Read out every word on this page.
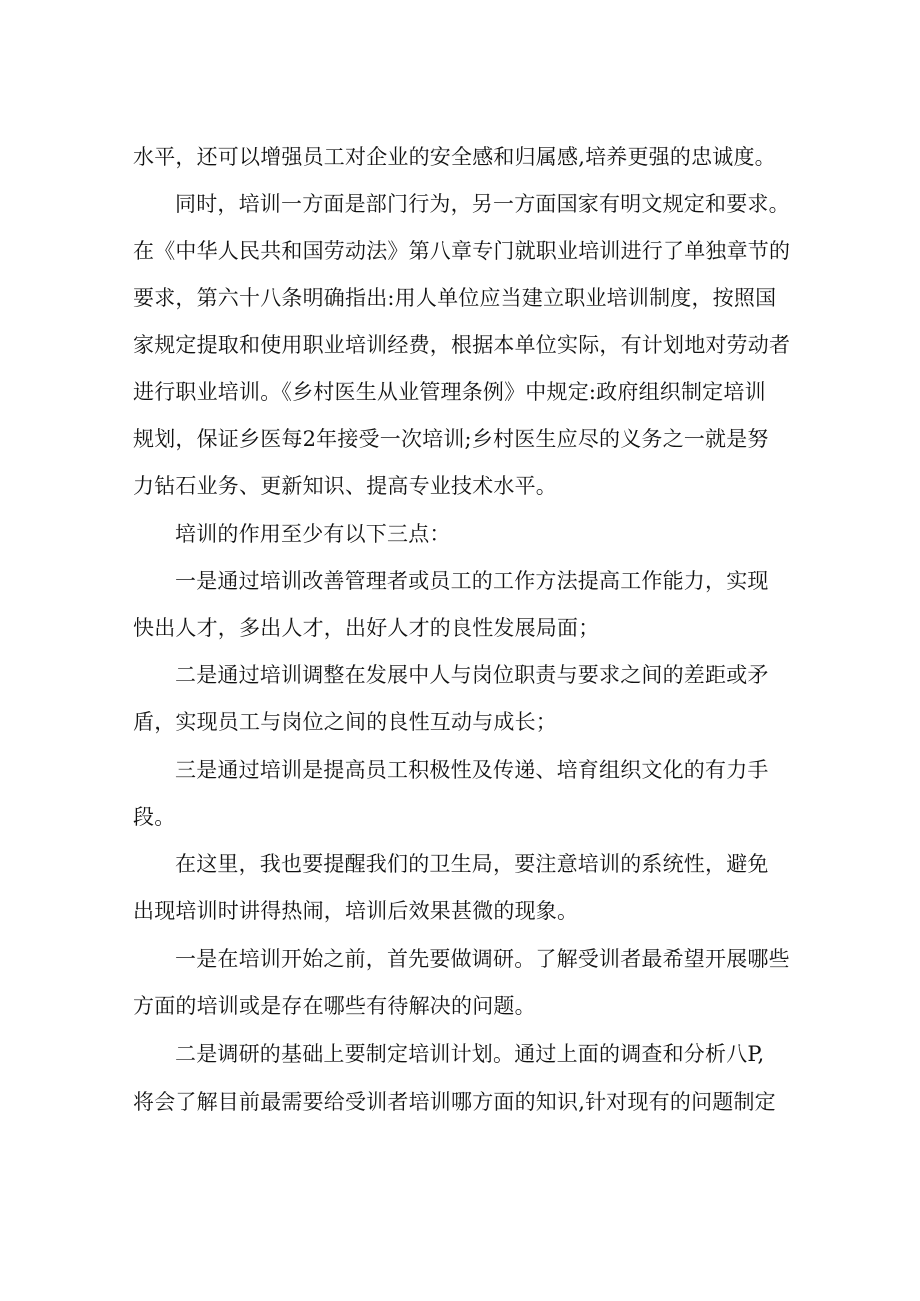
水平，还可以增强员工对企业的安全感和归属感,培养更强的忠诚度。
同时，培训一方面是部门行为，另一方面国家有明文规定和要求。
在《中华人民共和国劳动法》第八章专门就职业培训进行了单独章节的
要求，第六十八条明确指出:用人单位应当建立职业培训制度，按照国
家规定提取和使用职业培训经费，根据本单位实际，有计划地对劳动者
进行职业培训。《乡村医生从业管理条例》中规定:政府组织制定培训
规划，保证乡医每2年接受一次培训;乡村医生应尽的义务之一就是努
力钻石业务、更新知识、提高专业技术水平。
培训的作用至少有以下三点：
一是通过培训改善管理者或员工的工作方法提高工作能力，实现
快出人才，多出人才，出好人才的良性发展局面；
二是通过培训调整在发展中人与岗位职责与要求之间的差距或矛
盾，实现员工与岗位之间的良性互动与成长；
三是通过培训是提高员工积极性及传递、培育组织文化的有力手
段。
在这里，我也要提醒我们的卫生局，要注意培训的系统性，避免
出现培训时讲得热闹，培训后效果甚微的现象。
一是在培训开始之前，首先要做调研。了解受训者最希望开展哪些
方面的培训或是存在哪些有待解决的问题。
二是调研的基础上要制定培训计划。通过上面的调查和分析八P,
将会了解目前最需要给受训者培训哪方面的知识,针对现有的问题制定
